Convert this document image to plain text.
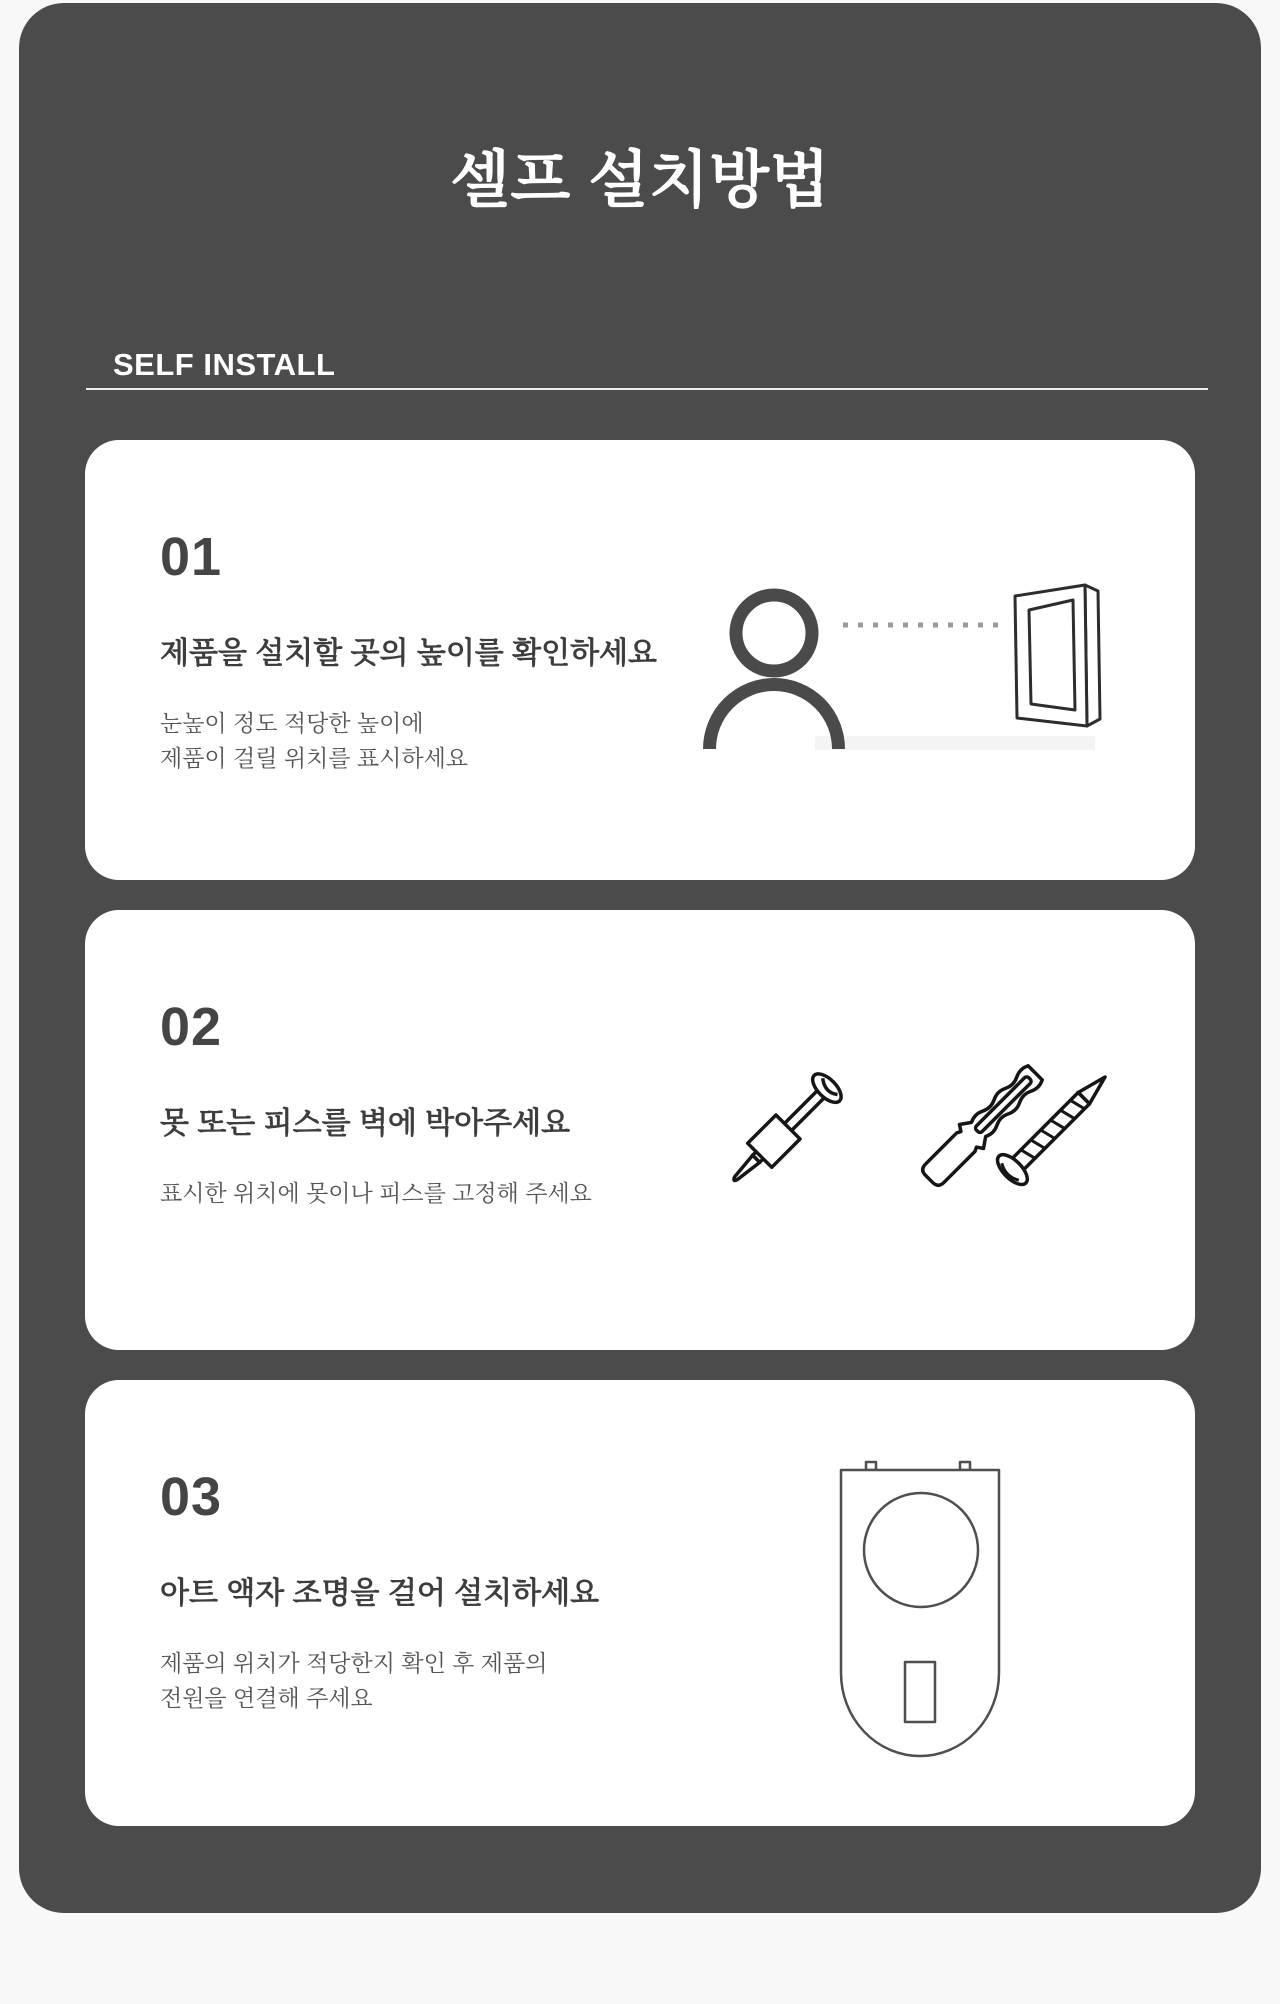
셀프 설치방법
SELF INSTALL
01
제품을 설치할 곳의 높이를 확인하세요
눈높이 정도 적당한 높이에
제품이 걸릴 위치를 표시하세요
02
못 또는 피스를 벽에 박아주세요
표시한 위치에 못이나 피스를 고정해 주세요
03
아트 액자 조명을 걸어 설치하세요
제품의 위치가 적당한지 확인 후 제품의
전원을 연결해 주세요
